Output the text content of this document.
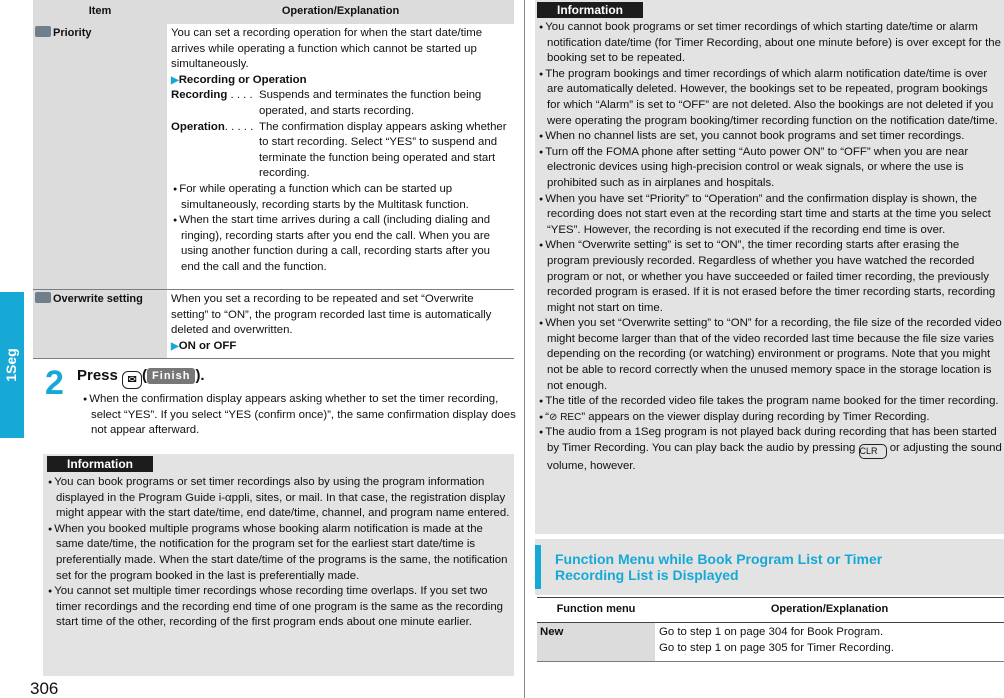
1Seg
306
Item	Operation/Explanation
Priority	You can set a recording operation for when the start date/time arrives while operating a function which cannot be started up simultaneously.
▶Recording or Operation
Recording . . . . Suspends and terminates the function being operated, and starts recording.
Operation. . . . . The confirmation display appears asking whether to start recording. Select “YES” to suspend and terminate the function being operated and start recording.
● For while operating a function which can be started up simultaneously, recording starts by the Multitask function.
● When the start time arrives during a call (including dialing and ringing), recording starts after you end the call. When you are using another function during a call, recording starts after you end the call and the function.
Overwrite setting	When you set a recording to be repeated and set “Overwrite setting” to “ON”, the program recorded last time is automatically deleted and overwritten.
▶ON or OFF
2 Press ✉ ( Finish ).
● When the confirmation display appears asking whether to set the timer recording, select “YES”. If you select “YES (confirm once)”, the same confirmation display does not appear afterward.
Information
● You can book programs or set timer recordings also by using the program information displayed in the Program Guide i-αppli, sites, or mail. In that case, the registration display might appear with the start date/time, end date/time, channel, and program name entered.
● When you booked multiple programs whose booking alarm notification is made at the same date/time, the notification for the program set for the earliest start date/time is preferentially made. When the start date/time of the programs is the same, the notification set for the program booked in the last is preferentially made.
● You cannot set multiple timer recordings whose recording time overlaps. If you set two timer recordings and the recording end time of one program is the same as the recording start time of the other, recording of the first program ends about one minute earlier.
Information
● You cannot book programs or set timer recordings of which starting date/time or alarm notification date/time (for Timer Recording, about one minute before) is over except for the booking set to be repeated.
● The program bookings and timer recordings of which alarm notification date/time is over are automatically deleted. However, the bookings set to be repeated, program bookings for which “Alarm” is set to “OFF” are not deleted. Also the bookings are not deleted if you were operating the program booking/timer recording function on the notification date/time.
● When no channel lists are set, you cannot book programs and set timer recordings.
● Turn off the FOMA phone after setting “Auto power ON” to “OFF” when you are near electronic devices using high-precision control or weak signals, or where the use is prohibited such as in airplanes and hospitals.
● When you have set “Priority” to “Operation” and the confirmation display is shown, the recording does not start even at the recording start time and starts at the time you select “YES”. However, the recording is not executed if the recording end time is over.
● When “Overwrite setting” is set to “ON”, the timer recording starts after erasing the program previously recorded. Regardless of whether you have watched the recorded program or not, or whether you have succeeded or failed timer recording, the previously recorded program is erased. If it is not erased before the timer recording starts, recording might not start on time.
● When you set “Overwrite setting” to “ON” for a recording, the file size of the recorded video might become larger than that of the video recorded last time because the file size varies depending on the recording (or watching) environment or programs. Note that you might not be able to record correctly when the unused memory space in the storage location is not enough.
● The title of the recorded video file takes the program name booked for the timer recording.
● “⊘ REC” appears on the viewer display during recording by Timer Recording.
● The audio from a 1Seg program is not played back during recording that has been started by Timer Recording. You can play back the audio by pressing CLR or adjusting the sound volume, however.
Function Menu while Book Program List or Timer
Recording List is Displayed
Function menu	Operation/Explanation
New	Go to step 1 on page 304 for Book Program.
Go to step 1 on page 305 for Timer Recording.
